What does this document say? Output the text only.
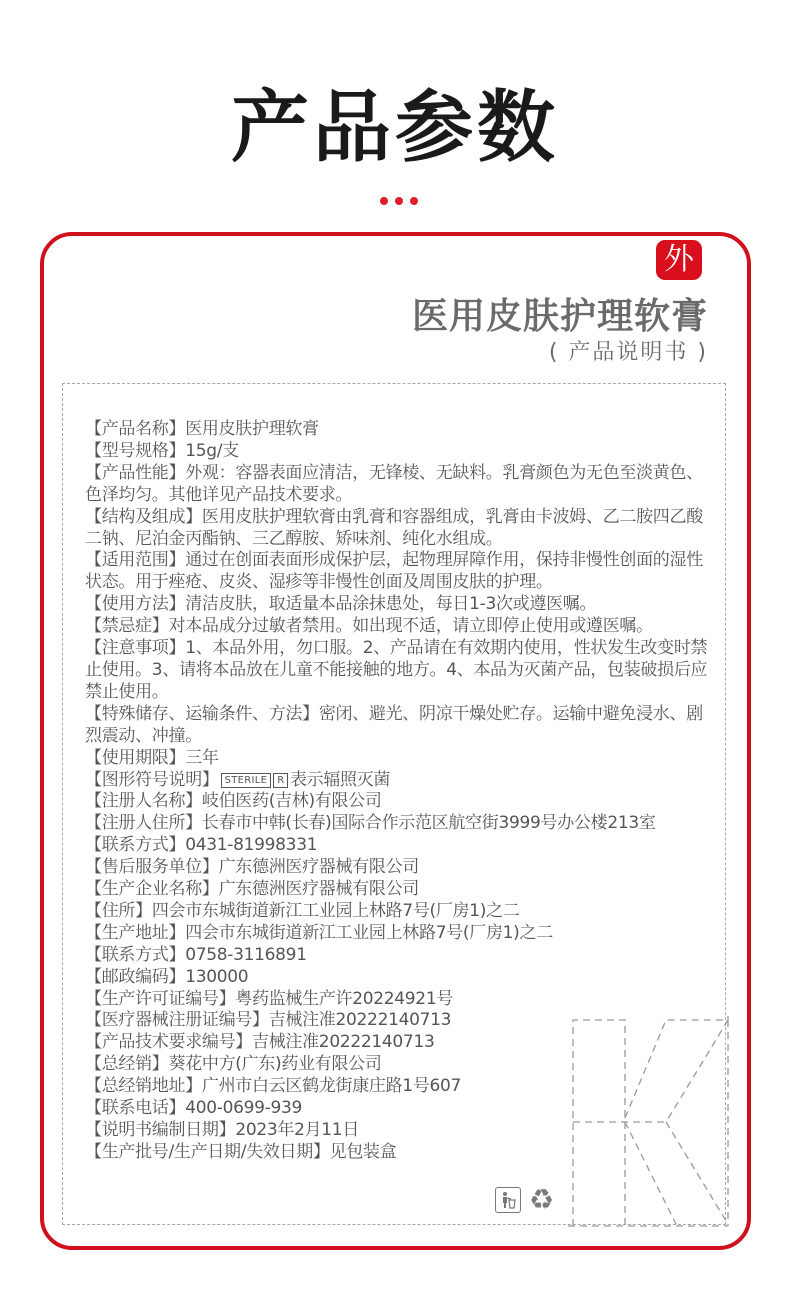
产品参数
外
医用皮肤护理软膏
( 产品说明书 )

【产品名称】医用皮肤护理软膏

【型号规格】15g/支

【产品性能】外观：容器表面应清洁，无锋棱、无缺料。乳膏颜色为无色至淡黄色、色泽均匀。其他详见产品技术要求。

【结构及组成】医用皮肤护理软膏由乳膏和容器组成，乳膏由卡波姆、乙二胺四乙酸二钠、尼泊金丙酯钠、三乙醇胺、矫味剂、纯化水组成。

【适用范围】通过在创面表面形成保护层，起物理屏障作用，保持非慢性创面的湿性状态。用于痤疮、皮炎、湿疹等非慢性创面及周围皮肤的护理。

【使用方法】清洁皮肤，取适量本品涂抹患处，每日1-3次或遵医嘱。

【禁忌症】对本品成分过敏者禁用。如出现不适，请立即停止使用或遵医嘱。

【注意事项】1、本品外用，勿口服。2、产品请在有效期内使用，性状发生改变时禁止使用。3、请将本品放在儿童不能接触的地方。4、本品为灭菌产品，包装破损后应禁止使用。

【特殊储存、运输条件、方法】密闭、避光、阴凉干燥处贮存。运输中避免浸水、剧烈震动、冲撞。

【使用期限】三年

【图形符号说明】 STERILE R 表示辐照灭菌

【注册人名称】岐伯医药(吉林)有限公司

【注册人住所】长春市中韩(长春)国际合作示范区航空街3999号办公楼213室

【联系方式】0431-81998331

【售后服务单位】广东德洲医疗器械有限公司

【生产企业名称】广东德洲医疗器械有限公司

【住所】四会市东城街道新江工业园上林路7号(厂房1)之二

【生产地址】四会市东城街道新江工业园上林路7号(厂房1)之二

【联系方式】0758-3116891

【邮政编码】130000

【生产许可证编号】粤药监械生产许20224921号

【医疗器械注册证编号】吉械注准20222140713

【产品技术要求编号】吉械注准20222140713

【总经销】葵花中方(广东)药业有限公司

【总经销地址】广州市白云区鹤龙街康庄路1号607

【联系电话】400-0699-939

【说明书编制日期】2023年2月11日

【生产批号/生产日期/失效日期】见包装盒

♻
